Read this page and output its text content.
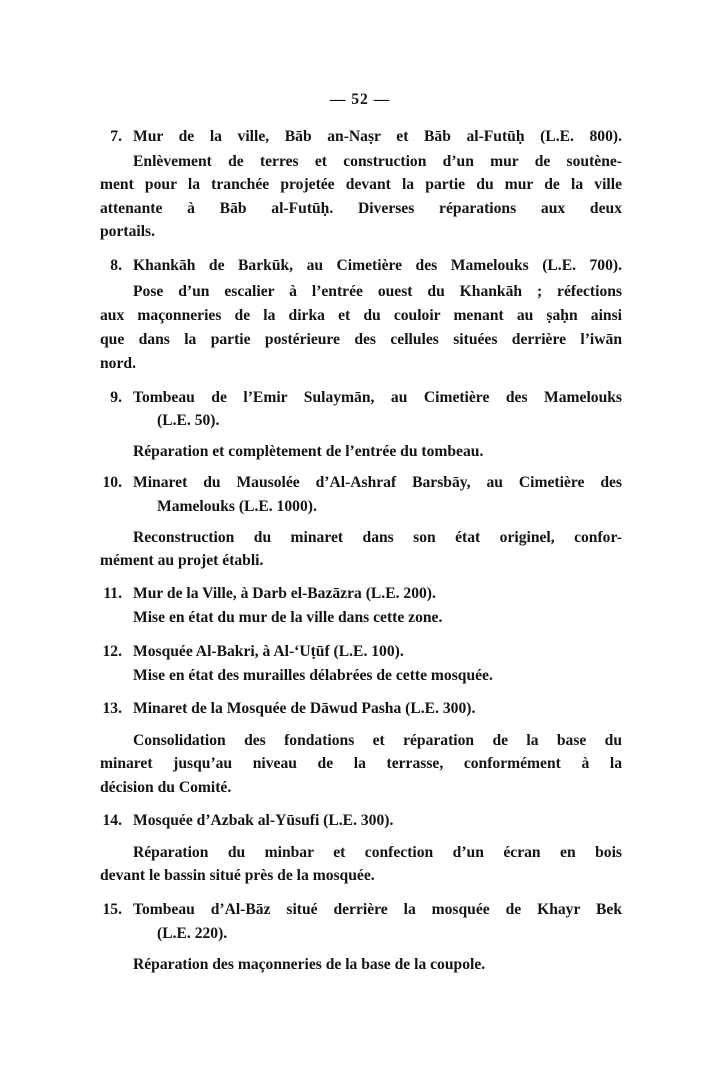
— 52 —
7. Mur de la ville, Bāb an-Naṣr et Bāb al-Futūḥ (L.E. 800).
Enlèvement de terres et construction d’un mur de soutène-
ment pour la tranchée projetée devant la partie du mur de la ville
attenante à Bāb al-Futūḥ. Diverses réparations aux deux
portails.
8. Khankāh de Barkūk, au Cimetière des Mamelouks (L.E. 700).
Pose d’un escalier à l’entrée ouest du Khankāh ; réfections
aux maçonneries de la dirka et du couloir menant au ṣaḥn ainsi
que dans la partie postérieure des cellules situées derrière l’iwān
nord.
9. Tombeau de l’Emir Sulaymān, au Cimetière des Mamelouks
(L.E. 50).
Réparation et complètement de l’entrée du tombeau.
10. Minaret du Mausolée d’Al-Ashraf Barsbāy, au Cimetière des
Mamelouks (L.E. 1000).
Reconstruction du minaret dans son état originel, confor-
mément au projet établi.
11. Mur de la Ville, à Darb el-Bazāzra (L.E. 200).
Mise en état du mur de la ville dans cette zone.
12. Mosquée Al-Bakri, à Al-‘Uṭūf (L.E. 100).
Mise en état des murailles délabrées de cette mosquée.
13. Minaret de la Mosquée de Dāwud Pasha (L.E. 300).
Consolidation des fondations et réparation de la base du
minaret jusqu’au niveau de la terrasse, conformément à la
décision du Comité.
14. Mosquée d’Azbak al-Yūsufi (L.E. 300).
Réparation du minbar et confection d’un écran en bois
devant le bassin situé près de la mosquée.
15. Tombeau d’Al-Bāz situé derrière la mosquée de Khayr Bek
(L.E. 220).
Réparation des maçonneries de la base de la coupole.
